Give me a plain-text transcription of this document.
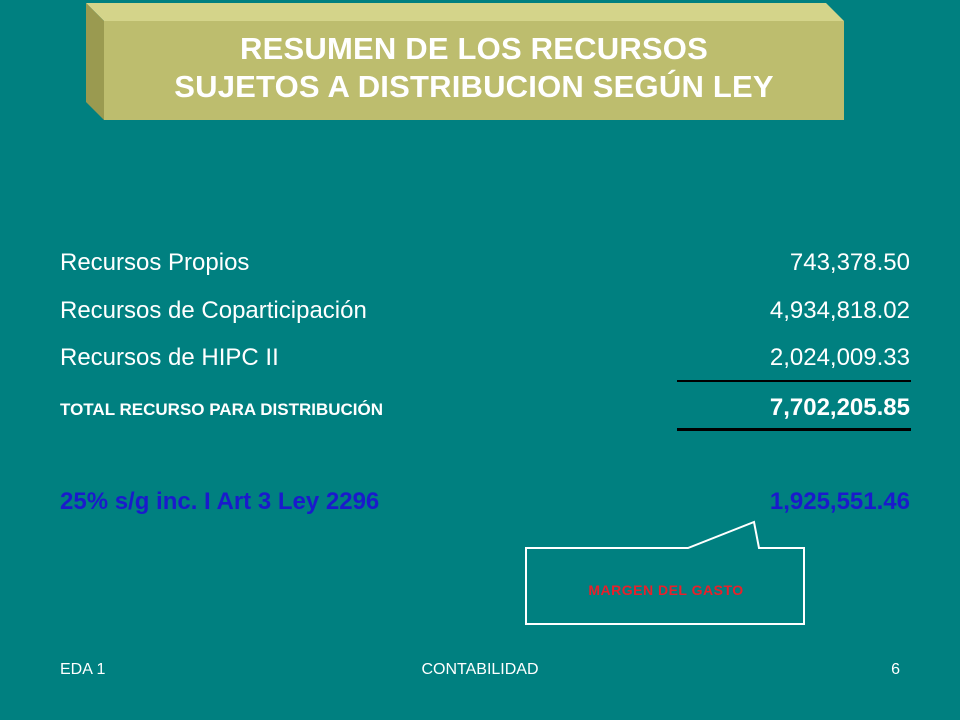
RESUMEN DE LOS RECURSOS
SUJETOS A DISTRIBUCION SEGÚN LEY
Recursos Propios	743,378.50
Recursos de Coparticipación	4,934,818.02
Recursos de HIPC II	2,024,009.33
TOTAL RECURSO PARA DISTRIBUCIÓN	7,702,205.85
25% s/g inc. I Art 3 Ley 2296	1,925,551.46
MARGEN DEL GASTO
EDA 1	CONTABILIDAD	6
